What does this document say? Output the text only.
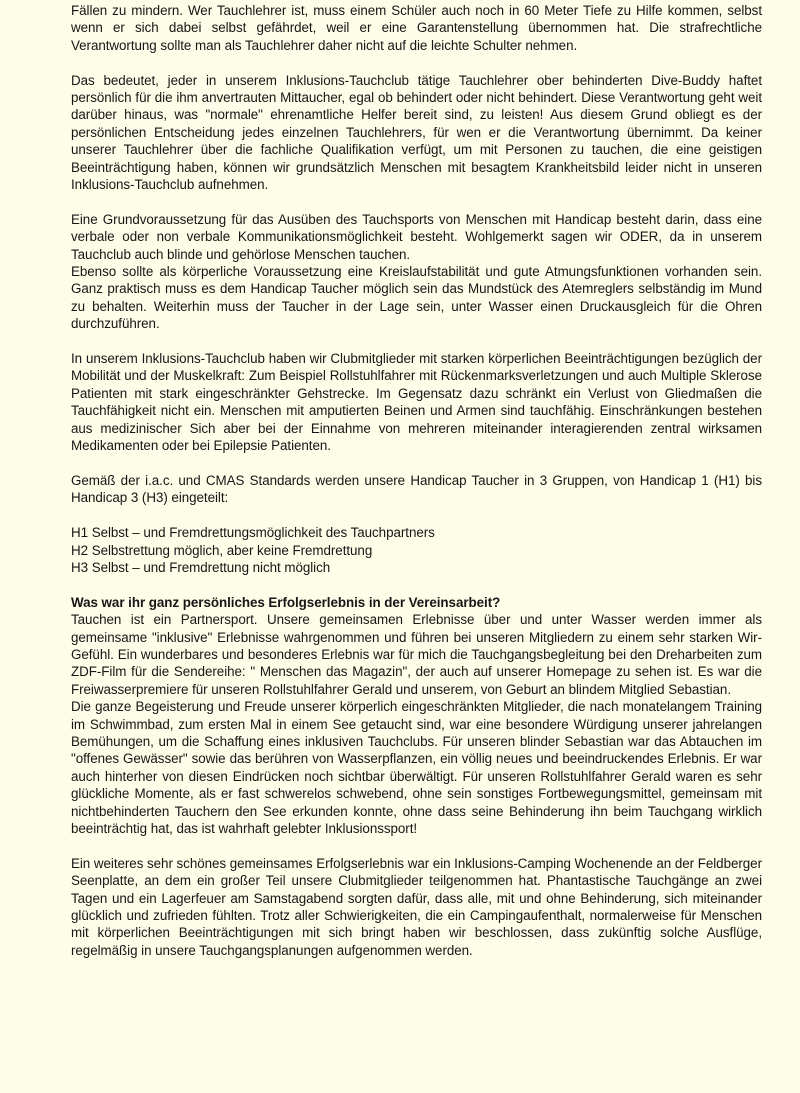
Fällen zu mindern. Wer Tauchlehrer ist, muss einem Schüler auch noch in 60 Meter Tiefe zu Hilfe kommen, selbst wenn er sich dabei selbst gefährdet, weil er eine Garantenstellung übernommen hat. Die strafrechtliche Verantwortung sollte man als Tauchlehrer daher nicht auf die leichte Schulter nehmen.

Das bedeutet, jeder in unserem Inklusions-Tauchclub tätige Tauchlehrer ober behinderten Dive-Buddy haftet persönlich für die ihm anvertrauten Mittaucher, egal ob behindert oder nicht behindert. Diese Verantwortung geht weit darüber hinaus, was "normale" ehrenamtliche Helfer bereit sind, zu leisten! Aus diesem Grund obliegt es der persönlichen Entscheidung jedes einzelnen Tauchlehrers, für wen er die Verantwortung übernimmt. Da keiner unserer Tauchlehrer über die fachliche Qualifikation verfügt, um mit Personen zu tauchen, die eine geistigen Beeinträchtigung haben, können wir grundsätzlich Menschen mit besagtem Krankheitsbild leider nicht in unseren Inklusions-Tauchclub aufnehmen.

Eine Grundvoraussetzung für das Ausüben des Tauchsports von Menschen mit Handicap besteht darin, dass eine verbale oder non verbale Kommunikationsmöglichkeit besteht. Wohlgemerkt sagen wir ODER, da in unserem Tauchclub auch blinde und gehörlose Menschen tauchen.

Ebenso sollte als körperliche Voraussetzung eine Kreislaufstabilität und gute Atmungsfunktionen vorhanden sein. Ganz praktisch muss es dem Handicap Taucher möglich sein das Mundstück des Atemreglers selbständig im Mund zu behalten. Weiterhin muss der Taucher in der Lage sein, unter Wasser einen Druckausgleich für die Ohren durchzuführen.

In unserem Inklusions-Tauchclub haben wir Clubmitglieder mit starken körperlichen Beeinträchtigungen bezüglich der Mobilität und der Muskelkraft: Zum Beispiel Rollstuhlfahrer mit Rückenmarksverletzungen und auch Multiple Sklerose Patienten mit stark eingeschränkter Gehstrecke. Im Gegensatz dazu schränkt ein Verlust von Gliedmaßen die Tauchfähigkeit nicht ein. Menschen mit amputierten Beinen und Armen sind tauchfähig. Einschränkungen bestehen aus medizinischer Sich aber bei der Einnahme von mehreren miteinander interagierenden zentral wirksamen Medikamenten oder bei Epilepsie Patienten.

Gemäß der i.a.c. und CMAS Standards werden unsere Handicap Taucher in 3 Gruppen, von Handicap 1 (H1) bis Handicap 3 (H3) eingeteilt:

H1 Selbst – und Fremdrettungsmöglichkeit des Tauchpartners

H2 Selbstrettung möglich, aber keine Fremdrettung

H3 Selbst – und Fremdrettung nicht möglich

Was war ihr ganz persönliches Erfolgserlebnis in der Vereinsarbeit?

Tauchen ist ein Partnersport. Unsere gemeinsamen Erlebnisse über und unter Wasser werden immer als gemeinsame "inklusive" Erlebnisse wahrgenommen und führen bei unseren Mitgliedern zu einem sehr starken Wir-Gefühl. Ein wunderbares und besonderes Erlebnis war für mich die Tauchgangsbegleitung bei den Dreharbeiten zum ZDF-Film für die Sendereihe: " Menschen das Magazin", der auch auf unserer Homepage zu sehen ist. Es war die Freiwasserpremiere für unseren Rollstuhlfahrer Gerald und unserem, von Geburt an blindem Mitglied Sebastian.

Die ganze Begeisterung und Freude unserer körperlich eingeschränkten Mitglieder, die nach monatelangem Training im Schwimmbad, zum ersten Mal in einem See getaucht sind, war eine besondere Würdigung unserer jahrelangen Bemühungen, um die Schaffung eines inklusiven Tauchclubs. Für unseren blinder Sebastian war das Abtauchen im "offenes Gewässer" sowie das berühren von Wasserpflanzen, ein völlig neues und beeindruckendes Erlebnis. Er war auch hinterher von diesen Eindrücken noch sichtbar überwältigt. Für unseren Rollstuhlfahrer Gerald waren es sehr glückliche Momente, als er fast schwerelos schwebend, ohne sein sonstiges Fortbewegungsmittel, gemeinsam mit nichtbehinderten Tauchern den See erkunden konnte, ohne dass seine Behinderung ihn beim Tauchgang wirklich beeinträchtig hat, das ist wahrhaft gelebter Inklusionssport!

Ein weiteres sehr schönes gemeinsames Erfolgserlebnis war ein Inklusions-Camping Wochenende an der Feldberger Seenplatte, an dem ein großer Teil unsere Clubmitglieder teilgenommen hat. Phantastische Tauchgänge an zwei Tagen und ein Lagerfeuer am Samstagabend sorgten dafür, dass alle, mit und ohne Behinderung, sich miteinander glücklich und zufrieden fühlten. Trotz aller Schwierigkeiten, die ein Campingaufenthalt, normalerweise für Menschen mit körperlichen Beeinträchtigungen mit sich bringt haben wir beschlossen, dass zukünftig solche Ausflüge, regelmäßig in unsere Tauchgangsplanungen aufgenommen werden.
